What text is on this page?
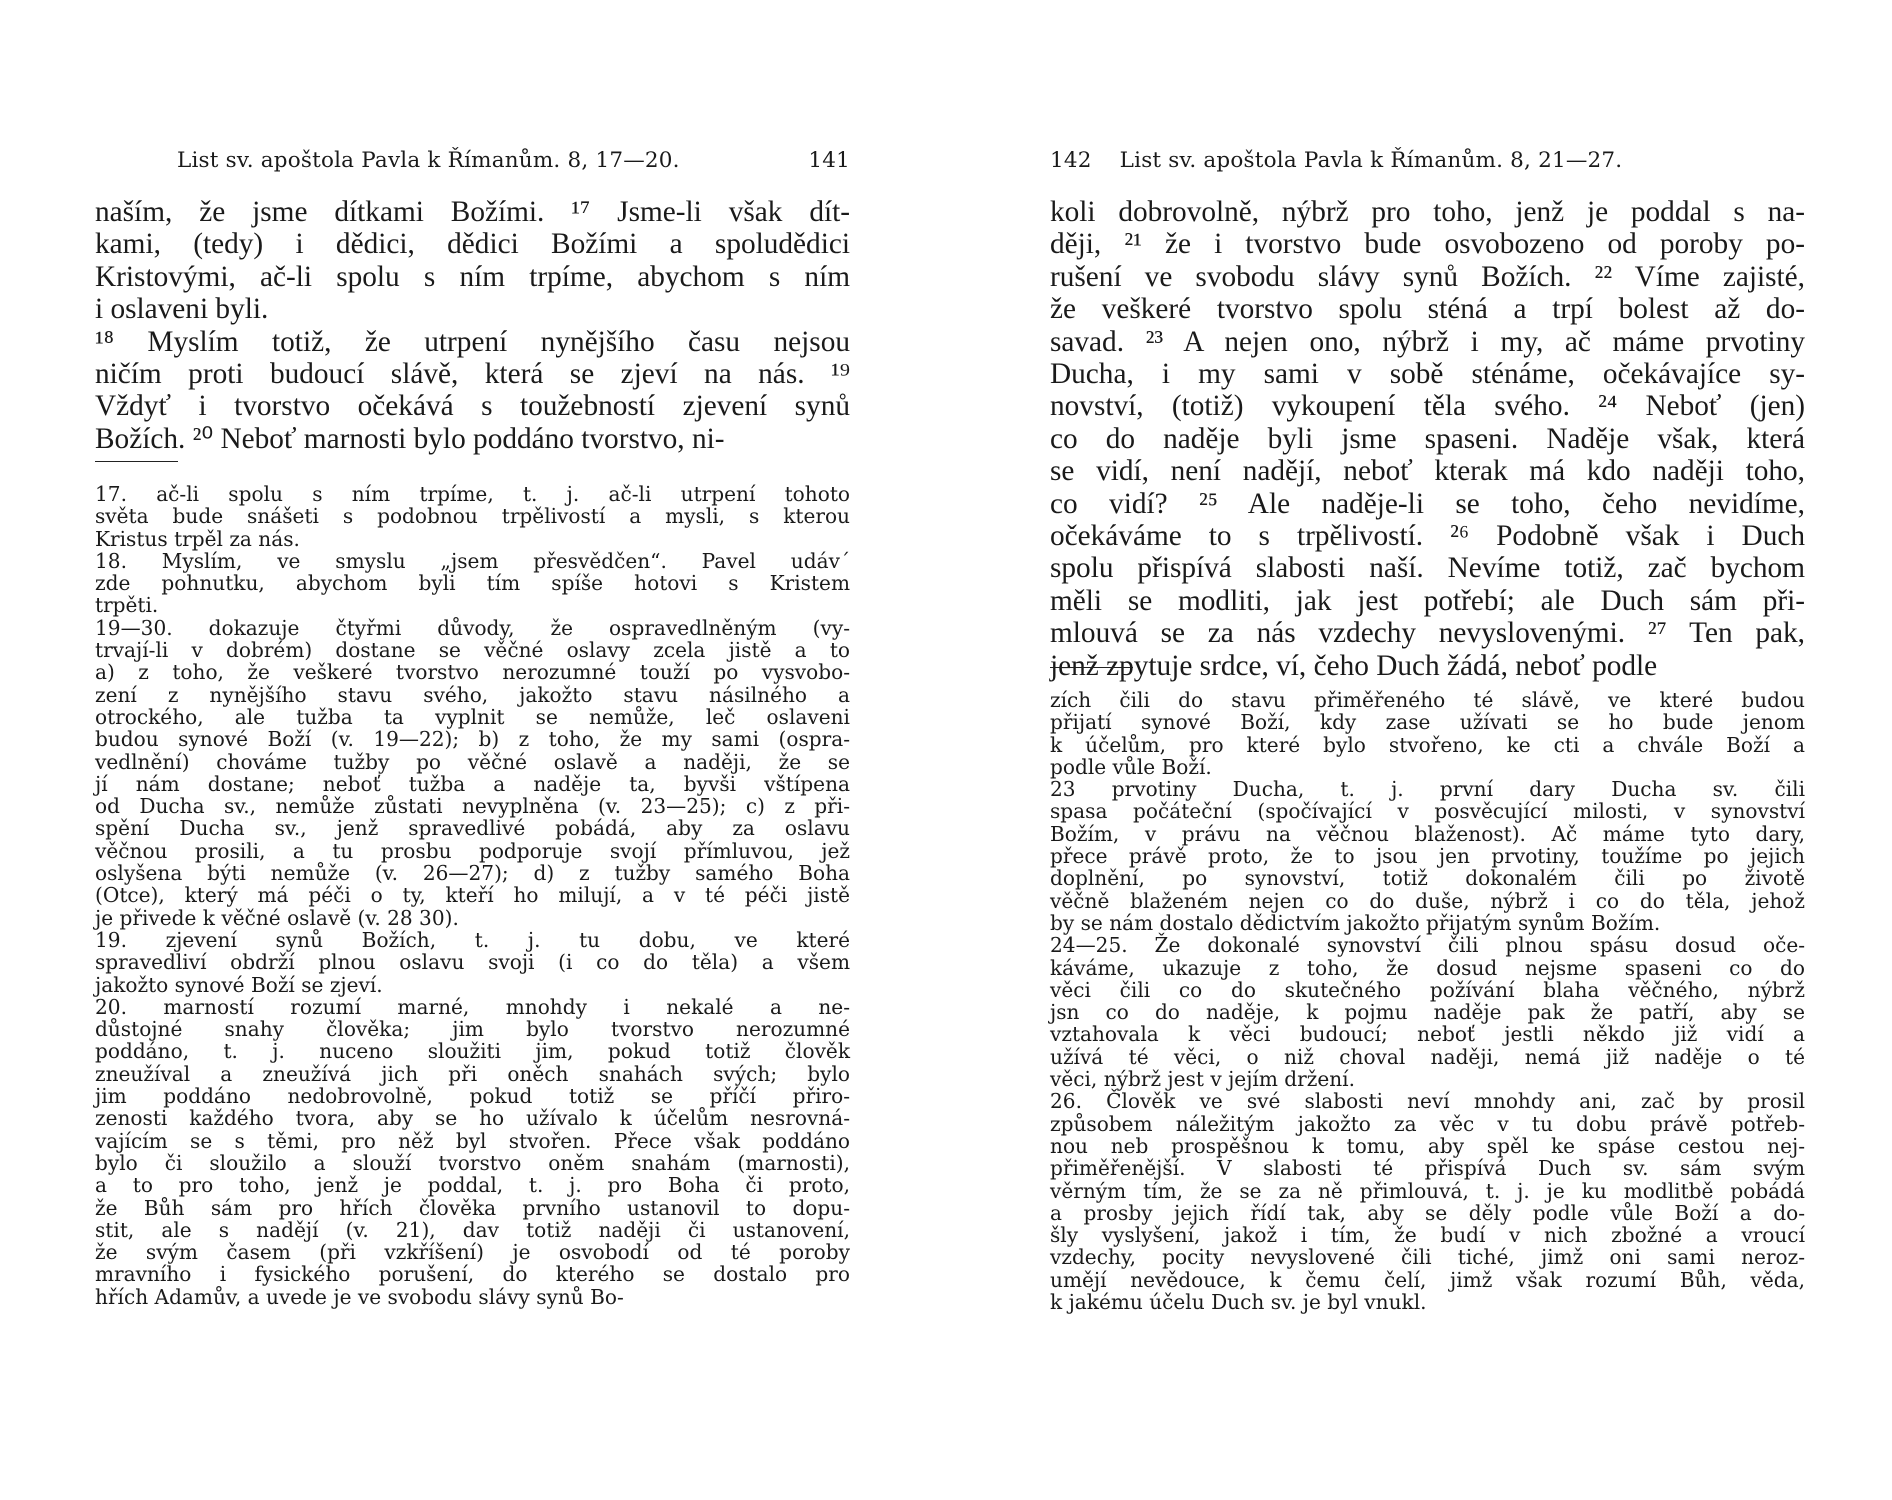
List sv. apoštola Pavla k Římanům. 8, 17—20.	141
naším, že jsme dítkami Božími. ¹⁷ Jsme-li však dít-
kami, (tedy) i dědici, dědici Božími a spoludědici
Kristovými, ač-li spolu s ním trpíme, abychom s ním
i oslaveni byli.
¹⁸ Myslím totiž, že utrpení nynějšího času nejsou
ničím proti budoucí slávě, která se zjeví na nás. ¹⁹
Vždyť i tvorstvo očekává s toužebností zjevení synů
Božích. ²⁰ Neboť marnosti bylo poddáno tvorstvo, ni-
17. ač-li spolu s ním trpíme, t. j. ač-li utrpení tohoto
světa bude snášeti s podobnou trpělivostí a mysli, s kterou
Kristus trpěl za nás.
18. Myslím, ve smyslu „jsem přesvědčen“. Pavel udáv´
zde pohnutku, abychom byli tím spíše hotovi s Kristem
trpěti.
19—30. dokazuje čtyřmi důvody, že ospravedlněným (vy-
trvají-li v dobrém) dostane se věčné oslavy zcela jistě a to
a) z toho, že veškeré tvorstvo nerozumné touží po vysvobo-
zení z nynějšího stavu svého, jakožto stavu násilného a
otrockého, ale tužba ta vyplnit se nemůže, leč oslaveni
budou synové Boží (v. 19—22); b) z toho, že my sami (ospra-
vedlnění) chováme tužby po věčné oslavě a naději, že se
jí nám dostane; neboť tužba a naděje ta, byvši vštípena
od Ducha sv., nemůže zůstati nevyplněna (v. 23—25); c) z při-
spění Ducha sv., jenž spravedlivé pobádá, aby za oslavu
věčnou prosili, a tu prosbu podporuje svojí přímluvou, jež
oslyšena býti nemůže (v. 26—27); d) z tužby samého Boha
(Otce), který má péči o ty, kteří ho milují, a v té péči jistě
je přivede k věčné oslavě (v. 28 30).
19. zjevení synů Božích, t. j. tu dobu, ve které
spravedliví obdrží plnou oslavu svoji (i co do těla) a všem
jakožto synové Boží se zjeví.
20. marností rozumí marné, mnohdy i nekalé a ne-
důstojné snahy člověka; jim bylo tvorstvo nerozumné
poddáno, t. j. nuceno sloužiti jim, pokud totiž člověk
zneužíval a zneužívá jich při oněch snahách svých; bylo
jim poddáno nedobrovolně, pokud totiž se příčí přiro-
zenosti každého tvora, aby se ho užívalo k účelům nesrovná-
vajícím se s těmi, pro něž byl stvořen. Přece však poddáno
bylo či sloužilo a slouží tvorstvo oněm snahám (marnosti),
a to pro toho, jenž je poddal, t. j. pro Boha či proto,
že Bůh sám pro hřích člověka prvního ustanovil to dopu-
stit, ale s nadějí (v. 21), dav totiž naději či ustanovení,
že svým časem (při vzkříšení) je osvobodí od té poroby
mravního i fysického porušení, do kterého se dostalo pro
hřích Adamův, a uvede je ve svobodu slávy synů Bo-
142 List sv. apoštola Pavla k Římanům. 8, 21—27.
koli dobrovolně, nýbrž pro toho, jenž je poddal s na-
ději, ²¹ že i tvorstvo bude osvobozeno od poroby po-
rušení ve svobodu slávy synů Božích. ²² Víme zajisté,
že veškeré tvorstvo spolu sténá a trpí bolest až do-
savad. ²³ A nejen ono, nýbrž i my, ač máme prvotiny
Ducha, i my sami v sobě sténáme, očekávajíce sy-
novství, (totiž) vykoupení těla svého. ²⁴ Neboť (jen)
co do naděje byli jsme spaseni. Naděje však, která
se vidí, není nadějí, neboť kterak má kdo naději toho,
co vidí? ²⁵ Ale naděje-li se toho, čeho nevidíme,
očekáváme to s trpělivostí. ²⁶ Podobně však i Duch
spolu přispívá slabosti naší. Nevíme totiž, zač bychom
měli se modliti, jak jest potřebí; ale Duch sám při-
mlouvá se za nás vzdechy nevyslovenými. ²⁷ Ten pak,
jenž zpytuje srdce, ví, čeho Duch žádá, neboť podle
zích čili do stavu přiměřeného té slávě, ve které budou
přijatí synové Boží, kdy zase užívati se ho bude jenom
k účelům, pro které bylo stvořeno, ke cti a chvále Boží a
podle vůle Boží.
23 prvotiny Ducha, t. j. první dary Ducha sv. čili
spasa počáteční (spočívající v posvěcující milosti, v synovství
Božím, v právu na věčnou blaženost). Ač máme tyto dary,
přece právě proto, že to jsou jen prvotiny, toužíme po jejich
doplnění, po synovství, totiž dokonalém čili po životě
věčně blaženém nejen co do duše, nýbrž i co do těla, jehož
by se nám dostalo dědictvím jakožto přijatým synům Božím.
24—25. Že dokonalé synovství čili plnou spásu dosud oče-
káváme, ukazuje z toho, že dosud nejsme spaseni co do
věci čili co do skutečného požívání blaha věčného, nýbrž
jsn co do naděje, k pojmu naděje pak že patří, aby se
vztahovala k věci budoucí; neboť jestli někdo již vidí a
užívá té věci, o niž choval naději, nemá již naděje o té
věci, nýbrž jest v jejím držení.
26. Člověk ve své slabosti neví mnohdy ani, zač by prosil
způsobem náležitým jakožto za věc v tu dobu právě potřeb-
nou neb prospěšnou k tomu, aby spěl ke spáse cestou nej-
přiměřenější. V slabosti té přispívá Duch sv. sám svým
věrným tím, že se za ně přimlouvá, t. j. je ku modlitbě pobádá
a prosby jejich řídí tak, aby se děly podle vůle Boží a do-
šly vyslyšení, jakož i tím, že budí v nich zbožné a vroucí
vzdechy, pocity nevyslovené čili tiché, jimž oni sami neroz-
umějí nevědouce, k čemu čelí, jimž však rozumí Bůh, věda,
k jakému účelu Duch sv. je byl vnukl.
